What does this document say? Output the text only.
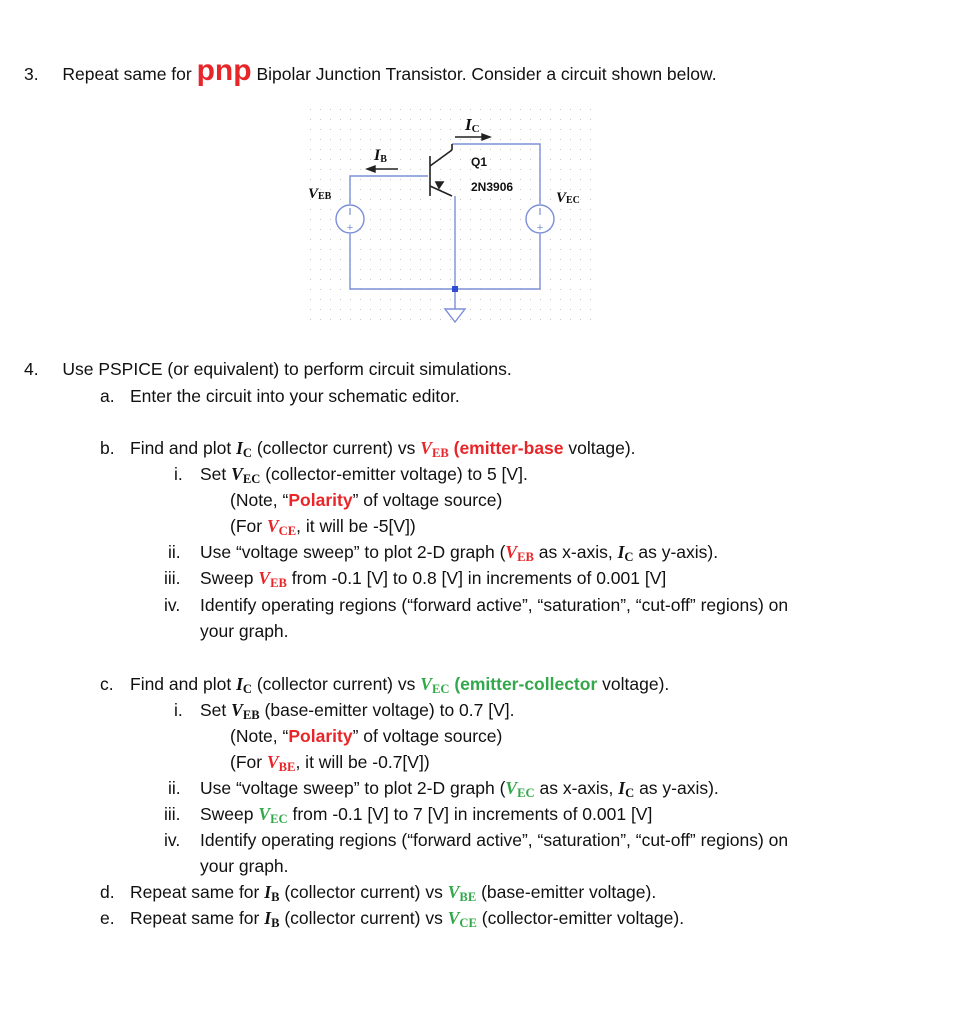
3. Repeat same for pnp Bipolar Junction Transistor. Consider a circuit shown below.
+	+
IC
IB
VEB	VEC
Q1
2N3906
4. Use PSPICE (or equivalent) to perform circuit simulations.
a. Enter the circuit into your schematic editor.
b. Find and plot $I_C$ (collector current) vs $V_{EB}$ (emitter-base voltage).
i. Set $V_{EC}$ (collector-emitter voltage) to 5 [V].
(Note, “Polarity” of voltage source)
(For $V_{CE}$, it will be -5[V])
ii. Use “voltage sweep” to plot 2-D graph ($V_{EB}$ as x-axis, $I_C$ as y-axis).
iii. Sweep $V_{EB}$ from -0.1 [V] to 0.8 [V] in increments of 0.001 [V]
iv. Identify operating regions (“forward active”, “saturation”, “cut-off” regions) on
your graph.
c. Find and plot $I_C$ (collector current) vs $V_{EC}$ (emitter-collector voltage).
i. Set $V_{EB}$ (base-emitter voltage) to 0.7 [V].
(Note, “Polarity” of voltage source)
(For $V_{BE}$, it will be -0.7[V])
ii. Use “voltage sweep” to plot 2-D graph ($V_{EC}$ as x-axis, $I_C$ as y-axis).
iii. Sweep $V_{EC}$ from -0.1 [V] to 7 [V] in increments of 0.001 [V]
iv. Identify operating regions (“forward active”, “saturation”, “cut-off” regions) on
your graph.
d. Repeat same for $I_B$ (collector current) vs $V_{BE}$ (base-emitter voltage).
e. Repeat same for $I_B$ (collector current) vs $V_{CE}$ (collector-emitter voltage).
